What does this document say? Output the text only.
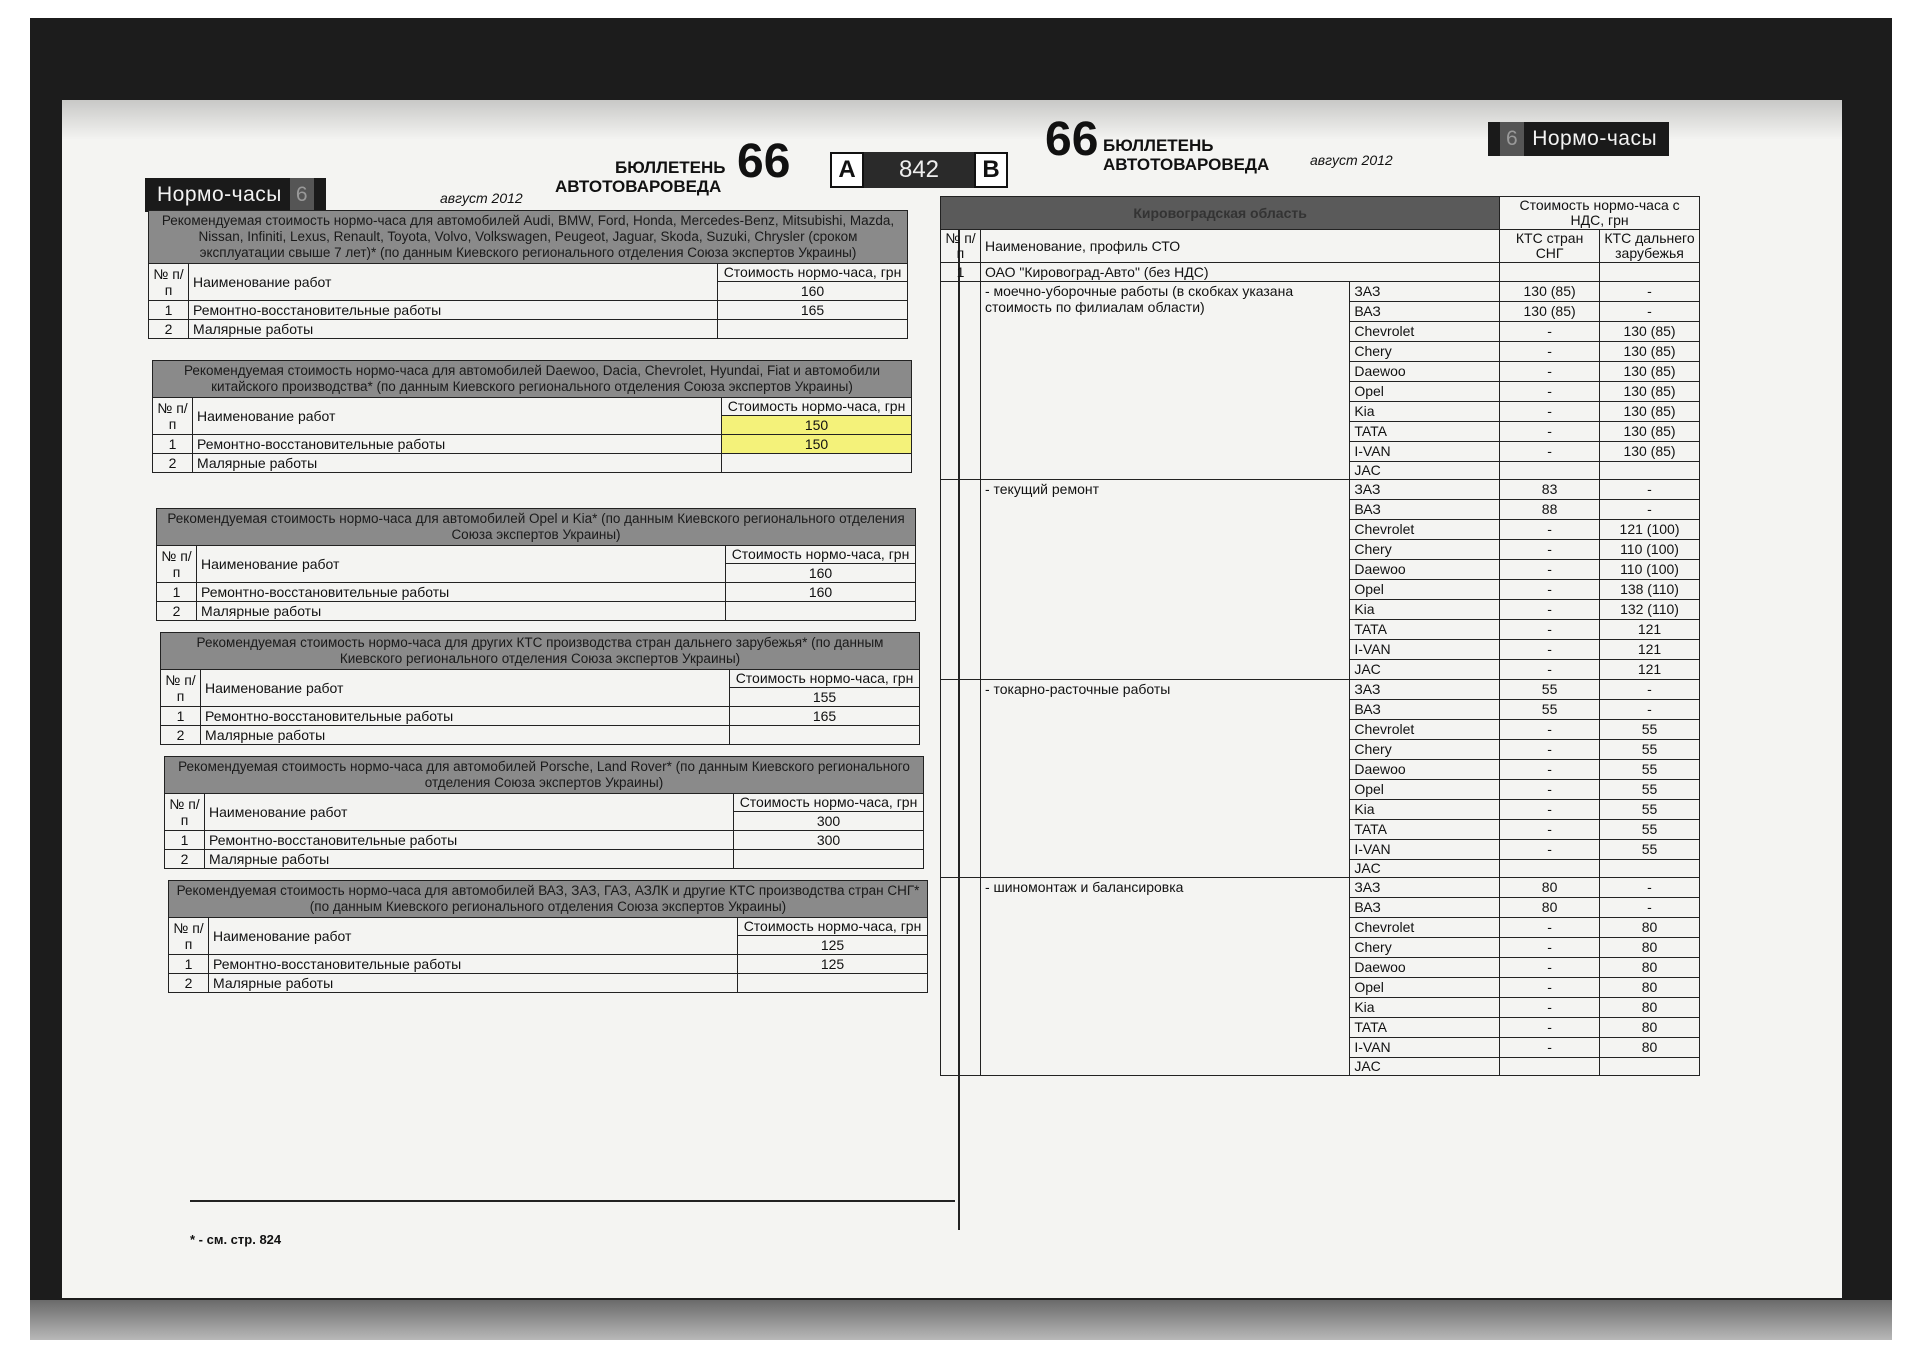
Нормо-часы 6	август 2012
БЮЛЛЕТЕНЬ
АВТОТОВАРОВЕДА 66	А	842	В
66 БЮЛЛЕТЕНЬ
АВТОТОВАРОВЕДА	август 2012
6 Нормо-часы
Рекомендуемая стоимость нормо-часа для автомобилей Audi, BMW, Ford, Honda, Mercedes-Benz, Mitsubishi, Mazda, Nissan, Infiniti, Lexus, Renault, Toyota, Volvo, Volkswagen, Peugeot, Jaguar, Skoda, Suzuki, Chrysler (сроком эксплуатации свыше 7 лет)* (по данным Киевского регионального отделения Союза экспертов Украины)		
№ п/п	Наименование работ	Стоимость нормо-часа, грн
		160
1	Ремонтно-восстановительные работы	165
2	Малярные работы	
Рекомендуемая стоимость нормо-часа для автомобилей Daewoo, Dacia, Chevrolet, Hyundai, Fiat и автомобили китайского производства* (по данным Киевского регионального отделения Союза экспертов Украины)		
№ п/п	Наименование работ	Стоимость нормо-часа, грн
		150
1	Ремонтно-восстановительные работы	150
2	Малярные работы	
Рекомендуемая стоимость нормо-часа для автомобилей Opel и Kia* (по данным Киевского регионального отделения Союза экспертов Украины)		
№ п/п	Наименование работ	Стоимость нормо-часа, грн
		160
1	Ремонтно-восстановительные работы	160
2	Малярные работы	
Рекомендуемая стоимость нормо-часа для других КТС производства стран дальнего зарубежья* (по данным Киевского регионального отделения Союза экспертов Украины)		
№ п/п	Наименование работ	Стоимость нормо-часа, грн
		155
1	Ремонтно-восстановительные работы	165
2	Малярные работы	
Рекомендуемая стоимость нормо-часа для автомобилей Porsche, Land Rover* (по данным Киевского регионального отделения Союза экспертов Украины)		
№ п/п	Наименование работ	Стоимость нормо-часа, грн
		300
1	Ремонтно-восстановительные работы	300
2	Малярные работы	
Рекомендуемая стоимость нормо-часа для автомобилей ВАЗ, ЗАЗ, ГАЗ, АЗЛК и другие КТС производства стран СНГ* (по данным Киевского регионального отделения Союза экспертов Украины)		
№ п/п	Наименование работ	Стоимость нормо-часа, грн
		125
1	Ремонтно-восстановительные работы	125
2	Малярные работы	
Кировоградская область			Стоимость нормо-часа с НДС, грн	
№ п/п	Наименование, профиль СТО		КТС стран СНГ	КТС дальнего зарубежья
1	ОАО "Кировоград-Авто" (без НДС)			
	- моечно-уборочные работы (в скобках указана стоимость по филиалам области)	ЗАЗ	130 (85)	-
		ВАЗ	130 (85)	-
		Chevrolet	-	130 (85)
		Chery	-	130 (85)
		Daewoo	-	130 (85)
		Opel	-	130 (85)
		Kia	-	130 (85)
		TATA	-	130 (85)
		I-VAN	-	130 (85)
		JAC		
	- текущий ремонт	ЗАЗ	83	-
		ВАЗ	88	-
		Chevrolet	-	121 (100)
		Chery	-	110 (100)
		Daewoo	-	110 (100)
		Opel	-	138 (110)
		Kia	-	132 (110)
		TATA	-	121
		I-VAN	-	121
		JAC	-	121
	- токарно-расточные работы	ЗАЗ	55	-
		ВАЗ	55	-
		Chevrolet	-	55
		Chery	-	55
		Daewoo	-	55
		Opel	-	55
		Kia	-	55
		TATA	-	55
		I-VAN	-	55
		JAC		
	- шиномонтаж и балансировка	ЗАЗ	80	-
		ВАЗ	80	-
		Chevrolet	-	80
		Chery	-	80
		Daewoo	-	80
		Opel	-	80
		Kia	-	80
		TATA	-	80
		I-VAN	-	80
		JAC		
* - см. стр. 824
